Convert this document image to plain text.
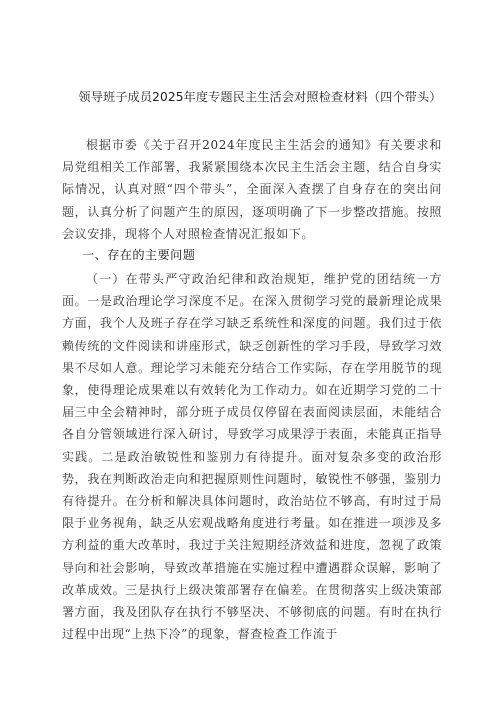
领导班子成员2025年度专题民主生活会对照检查材料（四个带头）

根据市委《关于召开2024年度民主生活会的通知》有关要求和局党组相关工作部署，我紧紧围绕本次民主生活会主题，结合自身实际情况，认真对照“四个带头”，全面深入查摆了自身存在的突出问题，认真分析了问题产生的原因，逐项明确了下一步整改措施。按照会议安排，现将个人对照检查情况汇报如下。

一、存在的主要问题

（一）在带头严守政治纪律和政治规矩，维护党的团结统一方面。一是政治理论学习深度不足。在深入贯彻学习党的最新理论成果方面，我个人及班子存在学习缺乏系统性和深度的问题。我们过于依赖传统的文件阅读和讲座形式，缺乏创新性的学习手段，导致学习效果不尽如人意。理论学习未能充分结合工作实际，存在学用脱节的现象，使得理论成果难以有效转化为工作动力。如在近期学习党的二十届三中全会精神时，部分班子成员仅停留在表面阅读层面，未能结合各自分管领域进行深入研讨，导致学习成果浮于表面，未能真正指导实践。二是政治敏锐性和鉴别力有待提升。面对复杂多变的政治形势，我在判断政治走向和把握原则性问题时，敏锐性不够强，鉴别力有待提升。在分析和解决具体问题时，政治站位不够高，有时过于局限于业务视角，缺乏从宏观战略角度进行考量。如在推进一项涉及多方利益的重大改革时，我过于关注短期经济效益和进度，忽视了政策导向和社会影响，导致改革措施在实施过程中遭遇群众误解，影响了改革成效。三是执行上级决策部署存在偏差。在贯彻落实上级决策部署方面，我及团队存在执行不够坚决、不够彻底的问题。有时在执行过程中出现“上热下冷”的现象，督查检查工作流于
